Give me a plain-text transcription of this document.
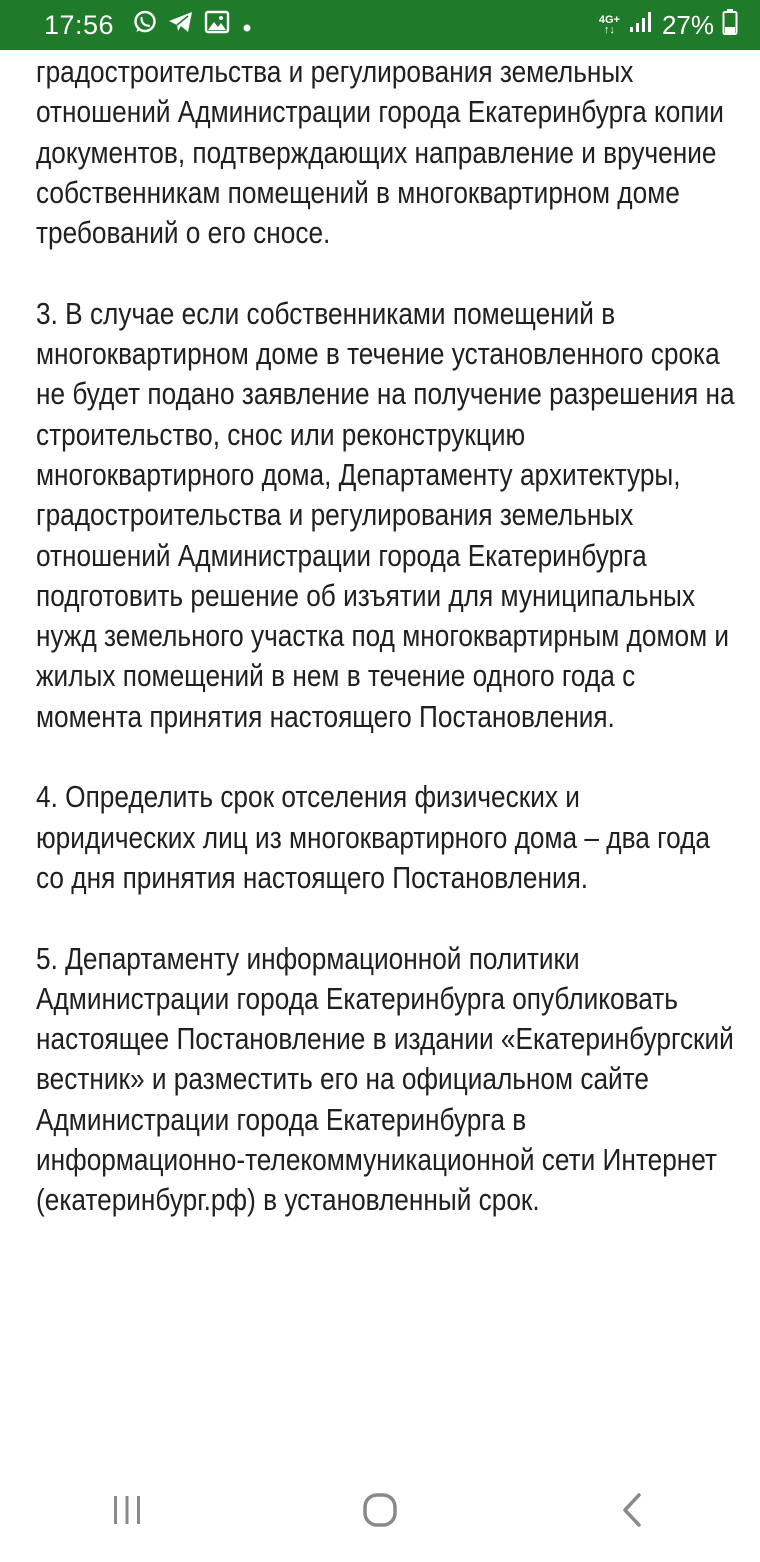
17:56	4G+
↑↓ 27%

градостроительства и регулирования земельных отношений Администрации города Екатеринбурга копии документов, подтверждающих направление и вручение собственникам помещений в многоквартирном доме требований о его сносе.

3. В случае если собственниками помещений в многоквартирном доме в течение установленного срока не будет подано заявление на получение разрешения на строительство, снос или реконструкцию многоквартирного дома, Департаменту архитектуры, градостроительства и регулирования земельных отношений Администрации города Екатеринбурга подготовить решение об изъятии для муниципальных нужд земельного участка под многоквартирным домом и жилых помещений в нем в течение одного года с момента принятия настоящего Постановления.

4. Определить срок отселения физических и юридических лиц из многоквартирного дома – два года со дня принятия настоящего Постановления.

5. Департаменту информационной политики Администрации города Екатеринбурга опубликовать настоящее Постановление в издании «Екатеринбургский вестник» и разместить его на официальном сайте Администрации города Екатеринбурга в информационно-телекоммуникационной сети Интернет (екатеринбург.рф) в установленный срок.
